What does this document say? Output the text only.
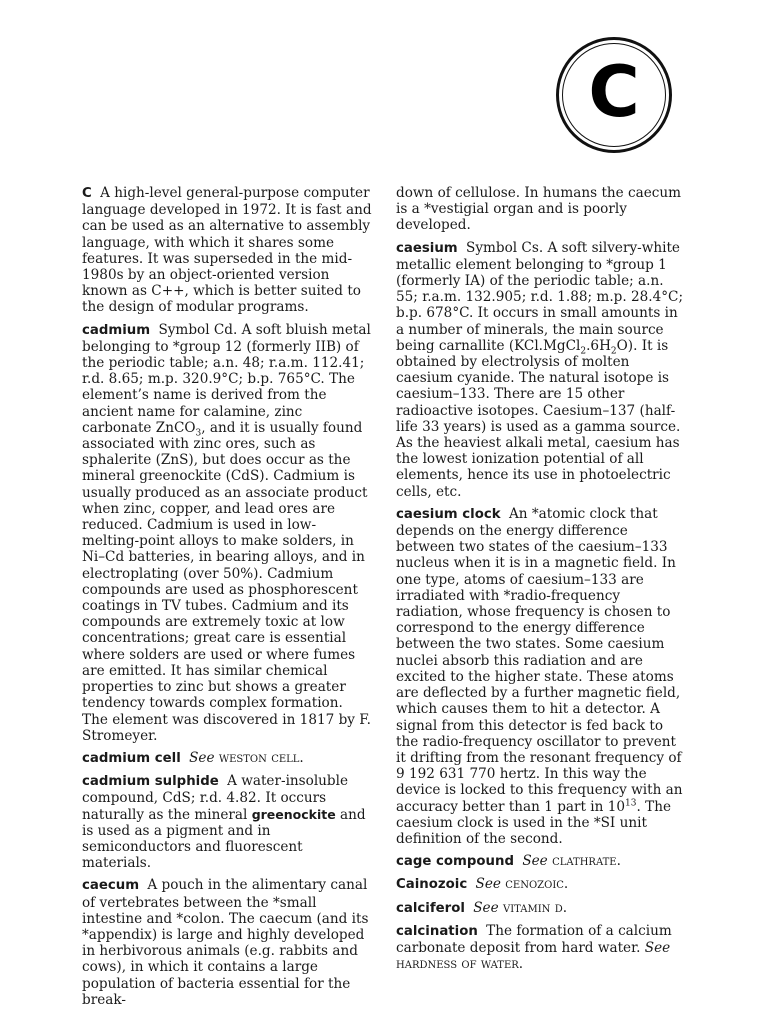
C

C A high-level general-purpose computer language developed in 1972. It is fast and can be used as an alternative to assembly language, with which it shares some features. It was superseded in the mid-1980s by an object-oriented version known as C++, which is better suited to the design of modular programs.

cadmium Symbol Cd. A soft bluish metal belonging to *group 12 (formerly IIB) of the periodic table; a.n. 48; r.a.m. 112.41; r.d. 8.65; m.p. 320.9°C; b.p. 765°C. The element’s name is derived from the ancient name for calamine, zinc carbonate ZnCO$_3$, and it is usually found associated with zinc ores, such as sphalerite (ZnS), but does occur as the mineral greenockite (CdS). Cadmium is usually produced as an associate product when zinc, copper, and lead ores are reduced. Cadmium is used in low-melting-point alloys to make solders, in Ni–Cd batteries, in bearing alloys, and in electroplating (over 50%). Cadmium compounds are used as phosphorescent coatings in TV tubes. Cadmium and its compounds are extremely toxic at low concentrations; great care is essential where solders are used or where fumes are emitted. It has similar chemical properties to zinc but shows a greater tendency towards complex formation. The element was discovered in 1817 by F. Stromeyer.

cadmium cell See weston cell.

cadmium sulphide A water-insoluble compound, CdS; r.d. 4.82. It occurs naturally as the mineral greenockite and is used as a pigment and in semiconductors and fluorescent materials.

caecum A pouch in the alimentary canal of vertebrates between the *small intestine and *colon. The caecum (and its *appendix) is large and highly developed in herbivorous animals (e.g. rabbits and cows), in which it contains a large population of bacteria essential for the break-

down of cellulose. In humans the caecum is a *vestigial organ and is poorly developed.

caesium Symbol Cs. A soft silvery-white metallic element belonging to *group 1 (formerly IA) of the periodic table; a.n. 55; r.a.m. 132.905; r.d. 1.88; m.p. 28.4°C; b.p. 678°C. It occurs in small amounts in a number of minerals, the main source being carnallite $(KCl.MgCl_2.6H_2O)$. It is obtained by electrolysis of molten caesium cyanide. The natural isotope is caesium–133. There are 15 other radioactive isotopes. Caesium–137 (half-life 33 years) is used as a gamma source. As the heaviest alkali metal, caesium has the lowest ionization potential of all elements, hence its use in photoelectric cells, etc.

caesium clock An *atomic clock that depends on the energy difference between two states of the caesium–133 nucleus when it is in a magnetic field. In one type, atoms of caesium–133 are irradiated with *radio-frequency radiation, whose frequency is chosen to correspond to the energy difference between the two states. Some caesium nuclei absorb this radiation and are excited to the higher state. These atoms are deflected by a further magnetic field, which causes them to hit a detector. A signal from this detector is fed back to the radio-frequency oscillator to prevent it drifting from the resonant frequency of 9 192 631 770 hertz. In this way the device is locked to this frequency with an accuracy better than 1 part in $10^{13}$. The caesium clock is used in the *SI unit definition of the second.

cage compound See clathrate.

Cainozoic See cenozoic.

calciferol See vitamin d.

calcination The formation of a calcium carbonate deposit from hard water. See hardness of water.
